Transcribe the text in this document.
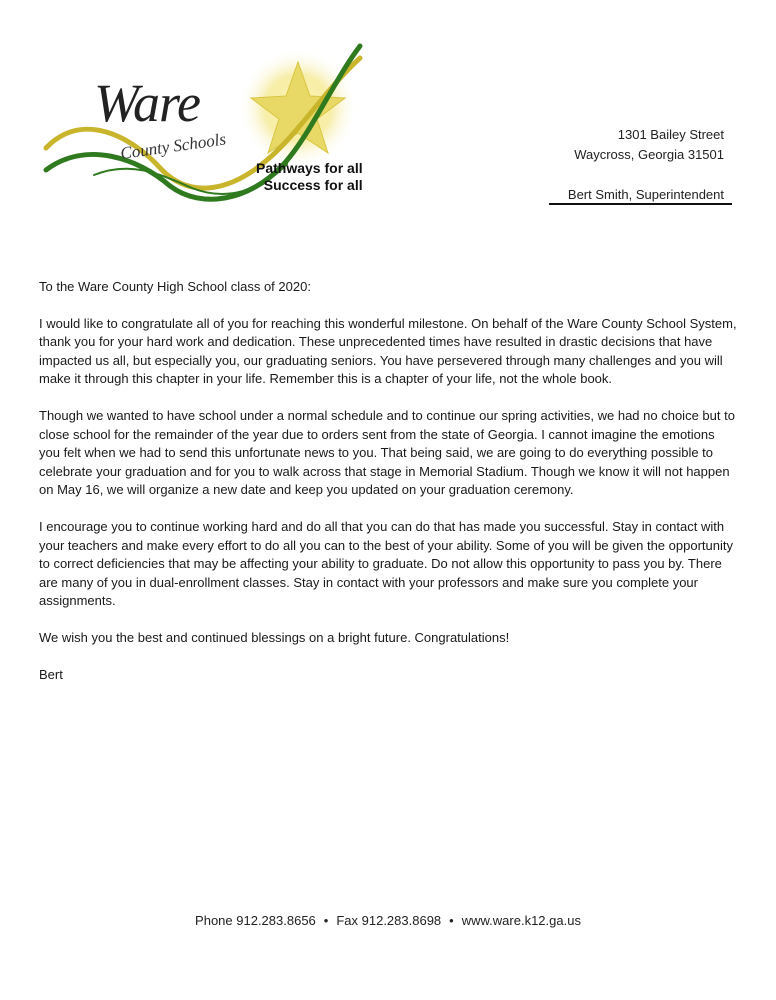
Ware
County Schools
Pathways for all
Success for all
1301 Bailey Street
Waycross, Georgia 31501
Bert Smith, Superintendent

To the Ware County High School class of 2020:

I would like to congratulate all of you for reaching this wonderful milestone. On behalf of the Ware County School System, thank you for your hard work and dedication. These unprecedented times have resulted in drastic decisions that have impacted us all, but especially you, our graduating seniors. You have persevered through many challenges and you will make it through this chapter in your life. Remember this is a chapter of your life, not the whole book.

Though we wanted to have school under a normal schedule and to continue our spring activities, we had no choice but to close school for the remainder of the year due to orders sent from the state of Georgia. I cannot imagine the emotions you felt when we had to send this unfortunate news to you. That being said, we are going to do everything possible to celebrate your graduation and for you to walk across that stage in Memorial Stadium. Though we know it will not happen on May 16, we will organize a new date and keep you updated on your graduation ceremony.

I encourage you to continue working hard and do all that you can do that has made you successful. Stay in contact with your teachers and make every effort to do all you can to the best of your ability. Some of you will be given the opportunity to correct deficiencies that may be affecting your ability to graduate. Do not allow this opportunity to pass you by. There are many of you in dual-enrollment classes. Stay in contact with your professors and make sure you complete your assignments.

We wish you the best and continued blessings on a bright future. Congratulations!

Bert

Phone 912.283.8656 • Fax 912.283.8698 • www.ware.k12.ga.us
